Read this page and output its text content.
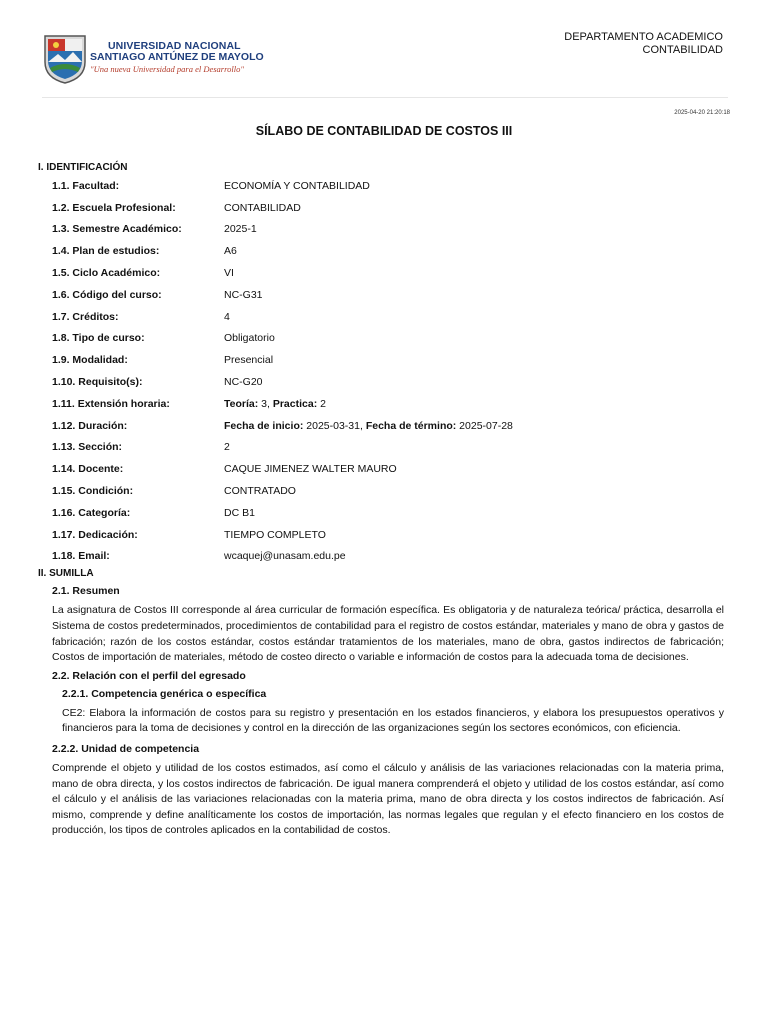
UNIVERSIDAD NACIONAL
SANTIAGO ANTÚNEZ DE MAYOLO
"Una nueva Universidad para el Desarrollo"
DEPARTAMENTO ACADEMICO
CONTABILIDAD
2025-04-20 21:20:18
SÍLABO DE CONTABILIDAD DE COSTOS III
I. IDENTIFICACIÓN
1.1. Facultad:	ECONOMÍA Y CONTABILIDAD
1.2. Escuela Profesional:	CONTABILIDAD
1.3. Semestre Académico:	2025-1
1.4. Plan de estudios:	A6
1.5. Ciclo Académico:	VI
1.6. Código del curso:	NC-G31
1.7. Créditos:	4
1.8. Tipo de curso:	Obligatorio
1.9. Modalidad:	Presencial
1.10. Requisito(s):	NC-G20
1.11. Extensión horaria:	Teoría: 3, Practica: 2
1.12. Duración:	Fecha de inicio: 2025-03-31, Fecha de término: 2025-07-28
1.13. Sección:	2
1.14. Docente:	CAQUE JIMENEZ WALTER MAURO
1.15. Condición:	CONTRATADO
1.16. Categoría:	DC B1
1.17. Dedicación:	TIEMPO COMPLETO
1.18. Email:	wcaquej@unasam.edu.pe
II. SUMILLA
2.1. Resumen
La asignatura de Costos III corresponde al área curricular de formación específica. Es obligatoria y de naturaleza teórica/ práctica, desarrolla el Sistema de costos predeterminados, procedimientos de contabilidad para el registro de costos estándar, materiales y mano de obra y gastos de fabricación; razón de los costos estándar, costos estándar tratamientos de los materiales, mano de obra, gastos indirectos de fabricación; Costos de importación de materiales, método de costeo directo o variable e información de costos para la adecuada toma de decisiones.
2.2. Relación con el perfil del egresado
2.2.1. Competencia genérica o específica
CE2: Elabora la información de costos para su registro y presentación en los estados financieros, y elabora los presupuestos operativos y financieros para la toma de decisiones y control en la dirección de las organizaciones según los sectores económicos, con eficiencia.
2.2.2. Unidad de competencia
Comprende el objeto y utilidad de los costos estimados, así como el cálculo y análisis de las variaciones relacionadas con la materia prima, mano de obra directa, y los costos indirectos de fabricación. De igual manera comprenderá el objeto y utilidad de los costos estándar, así como el cálculo y el análisis de las variaciones relacionadas con la materia prima, mano de obra directa y los costos indirectos de fabricación. Así mismo, comprende y define analíticamente los costos de importación, las normas legales que regulan y el efecto financiero en los costos de producción, los tipos de controles aplicados en la contabilidad de costos.
